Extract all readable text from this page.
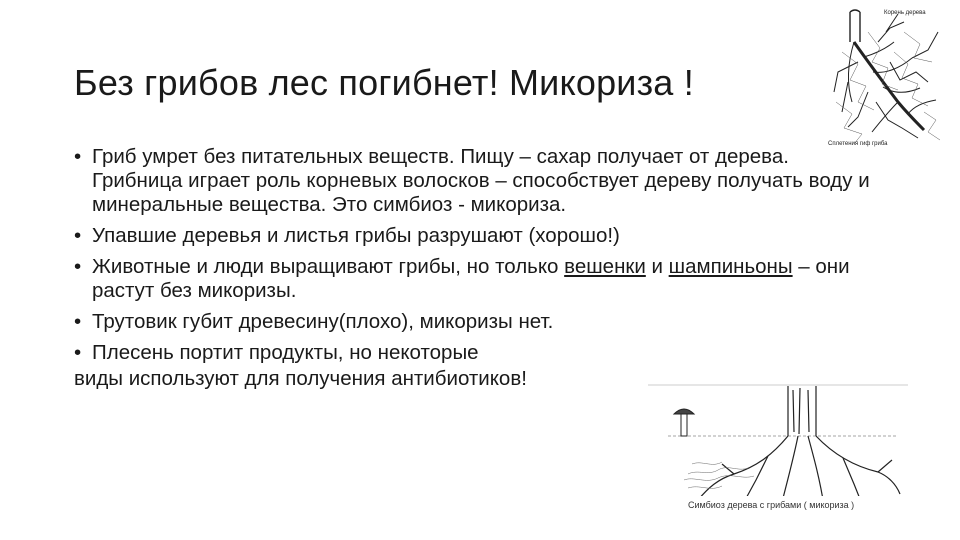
Без грибов лес погибнет! Микориза !
• Гриб умрет без питательных веществ. Пищу – сахар получает от дерева. Грибница играет роль корневых волосков – способствует дереву получать воду и минеральные вещества. Это симбиоз - микориза.
• Упавшие деревья и листья грибы разрушают (хорошо!)
• Животные и люди выращивают грибы, но только вешенки и шампиньоны – они растут без микоризы.
• Трутовик губит древесину(плохо), микоризы нет.
• Плесень портит продукты, но некоторые
виды используют для получения антибиотиков!
Корень дерева
Сплетения гиф гриба
Симбиоз дерева с грибами ( микориза )
